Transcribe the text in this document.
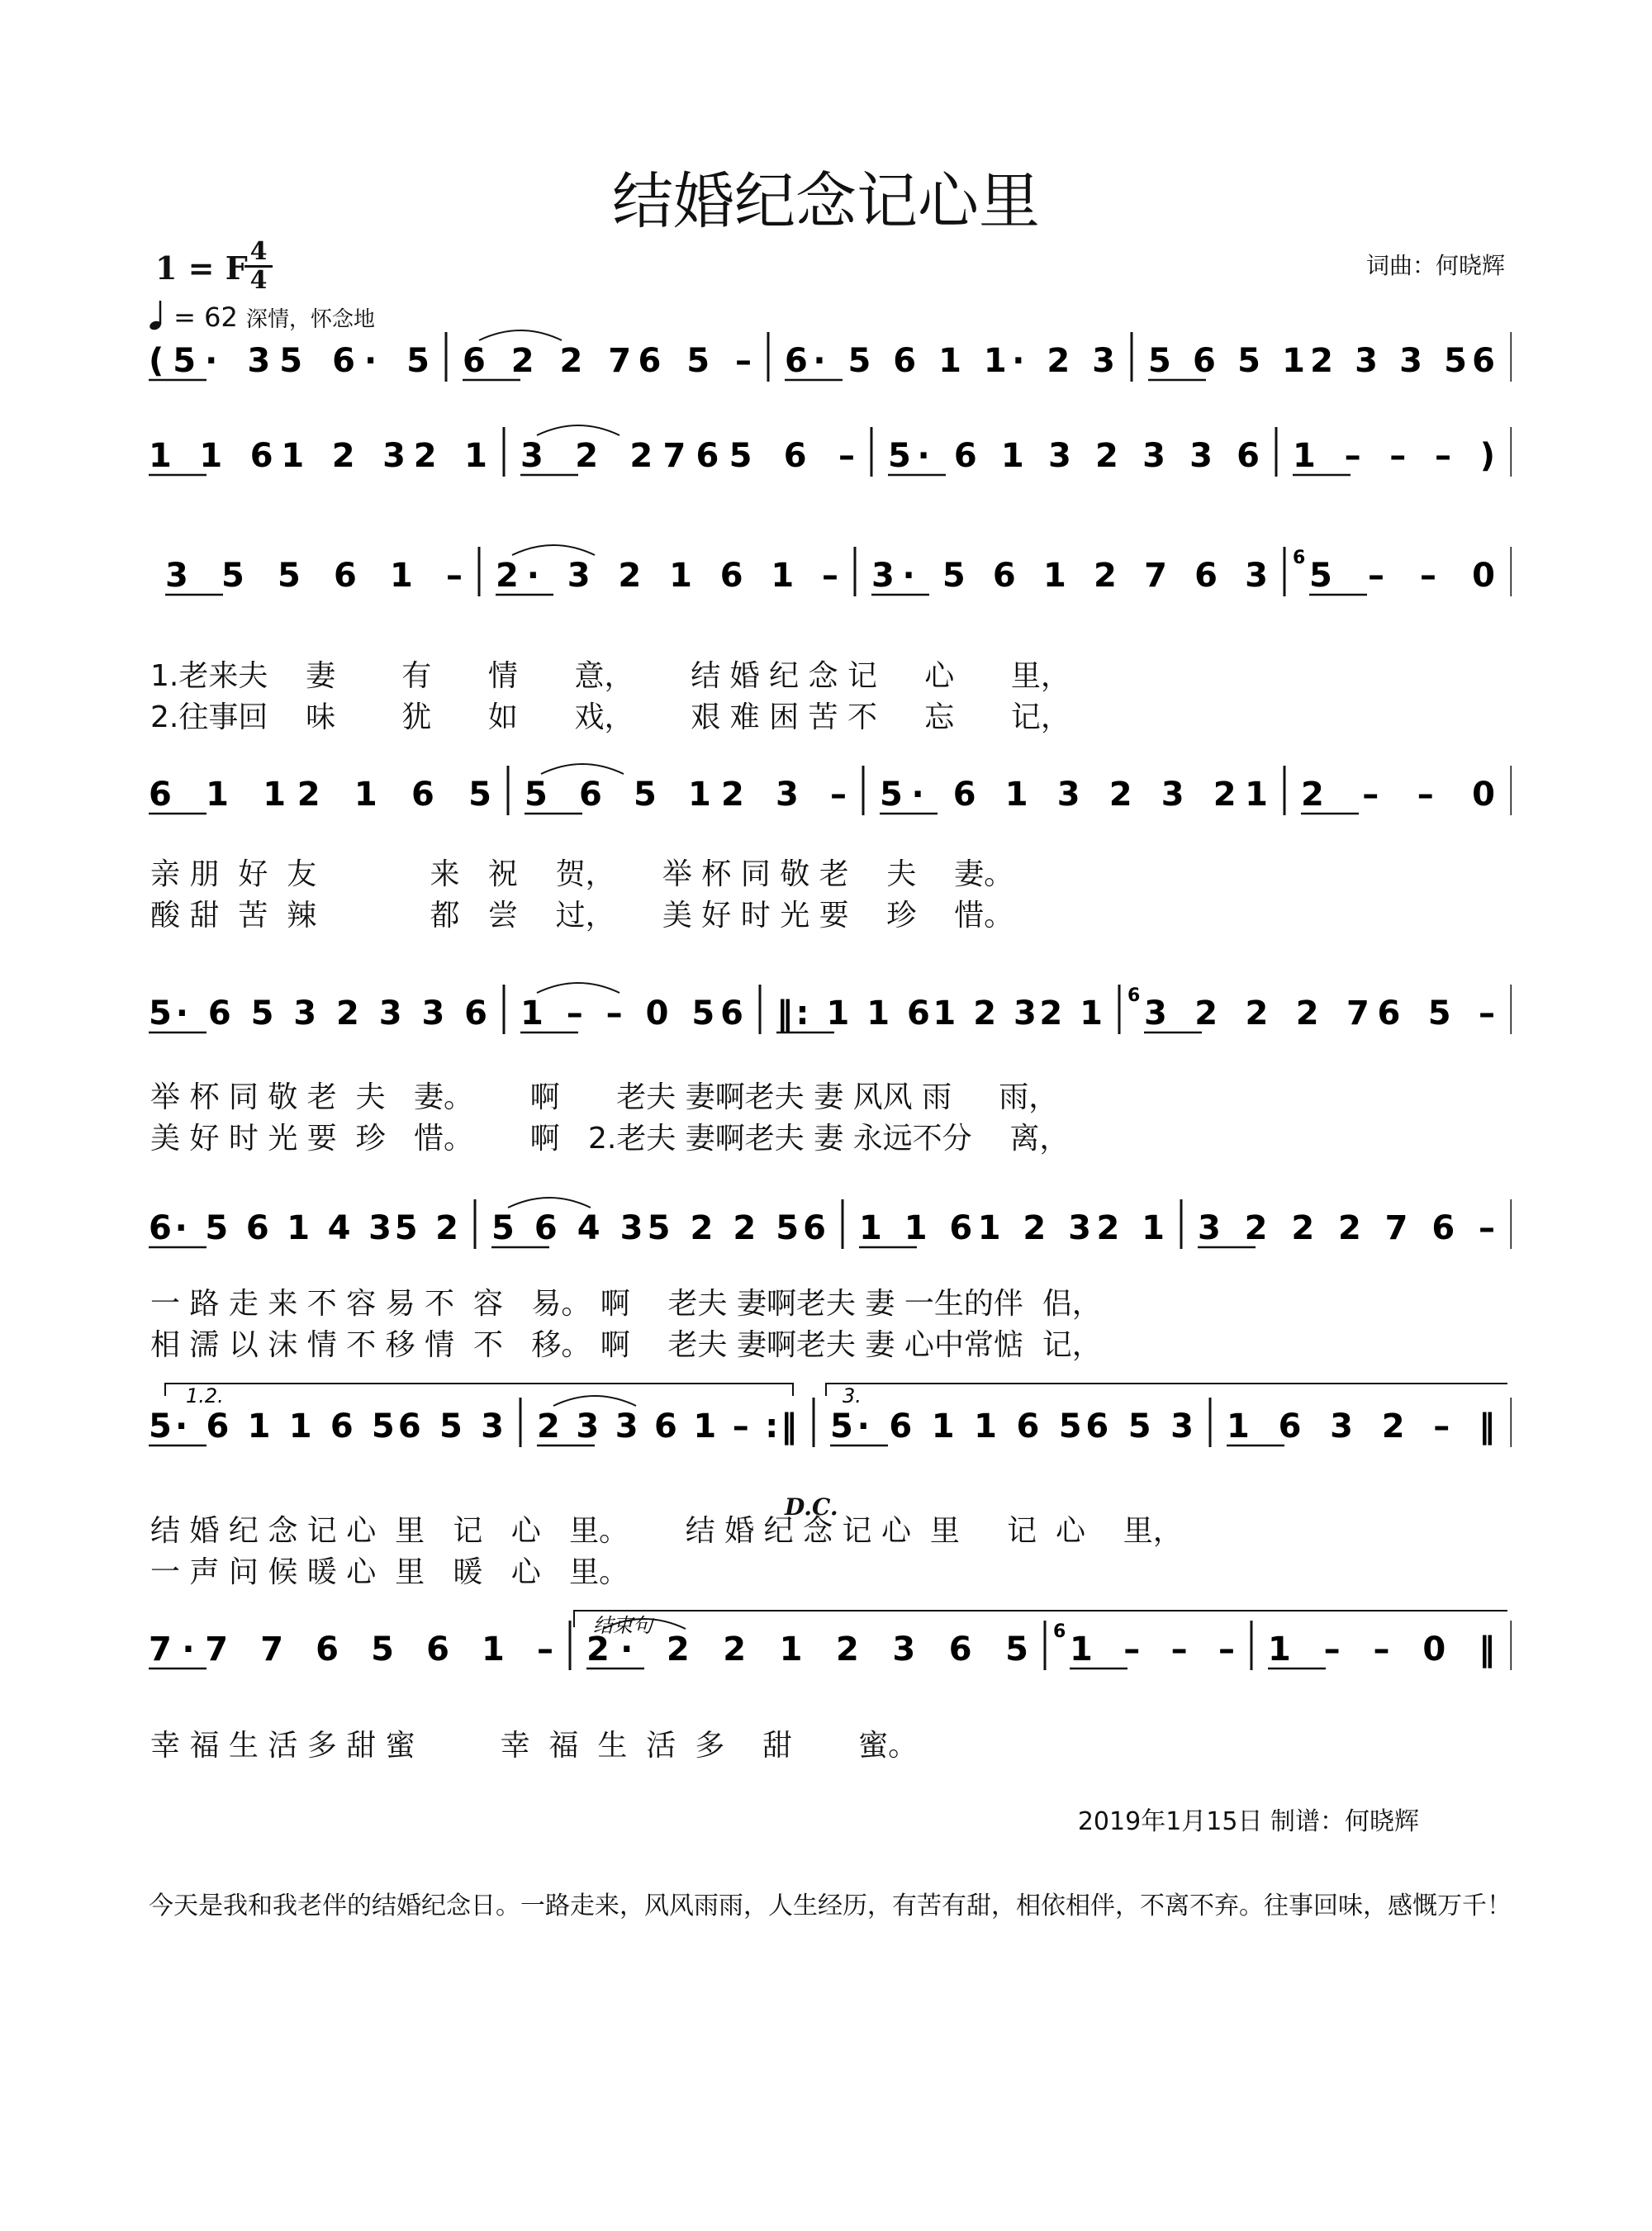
结婚纪念记心里
1 = F 4
4
= 62 深情，怀念地
词曲：何晓辉
(5· 35 6· 5 6 2 2 76 5 – 6· 5 6 1 1· 2 3 5 6 5 12 3 3 56
1 1 61 2 32 1 3 2 2765 6 – 5· 6 1 3 2 3 3 6 1 – – – )
3 5 5 6 1 – 2· 3 2 1 6 1 – 3· 5 6 1 2 7 6 3 6 5 – – 0
6 1 12 1 6 5 5 6 5 12 3 – 5· 6 1 3 2 3 21 2 – – 0
5· 6 5 3 2 3 3 6 1 – – 0 56 ‖: 1 1 61 2 32 1 6 3 2 2 2 76 5 –
6· 5 6 1 4 35 2 5 6 4 35 2 2 56 1 1 61 2 32 1 3 2 2 2 7 6 –
1.2.	3.
5· 6 1 1 6 56 5 3 2 3 3 6 1 – :‖ 5· 6 1 1 6 56 5 3 1 6 3 2 – ‖
结束句
7·7 7 6 5 6 1 – 2· 2 2 1 2 3 6 5 6 1 – – – 1 – – 0 ‖
2019年1月15日 制谱：何晓辉
今天是我和我老伴的结婚纪念日。一路走来，风风雨雨，人生经历，有苦有甜，相依相伴，不离不弃。往事回味，感慨万千！
1.老来夫    妻       有      情      意，      结 婚 纪 念 记     心      里，
2.往事回    味       犹      如      戏，      艰 难 困 苦 不     忘      记，
亲 朋  好  友            来   祝    贺，     举 杯 同 敬 老    夫    妻。
酸 甜  苦  辣            都   尝    过，     美 好 时 光 要    珍    惜。
举 杯 同 敬 老  夫   妻。      啊      老夫 妻啊老夫 妻 风风 雨     雨，
美 好 时 光 要  珍   惜。      啊   2.老夫 妻啊老夫 妻 永远不分    离，
一 路 走 来 不 容 易 不  容   易。 啊    老夫 妻啊老夫 妻 一生的伴  侣，
相 濡 以 沫 情 不 移 情  不   移。 啊    老夫 妻啊老夫 妻 心中常惦  记，
D.C.
结 婚 纪 念 记 心  里   记   心   里。      结 婚 纪 念 记 心  里     记  心    里，
一 声 问 候 暖 心  里   暖   心   里。
幸 福 生 活 多 甜 蜜         幸  福  生  活  多    甜       蜜。
